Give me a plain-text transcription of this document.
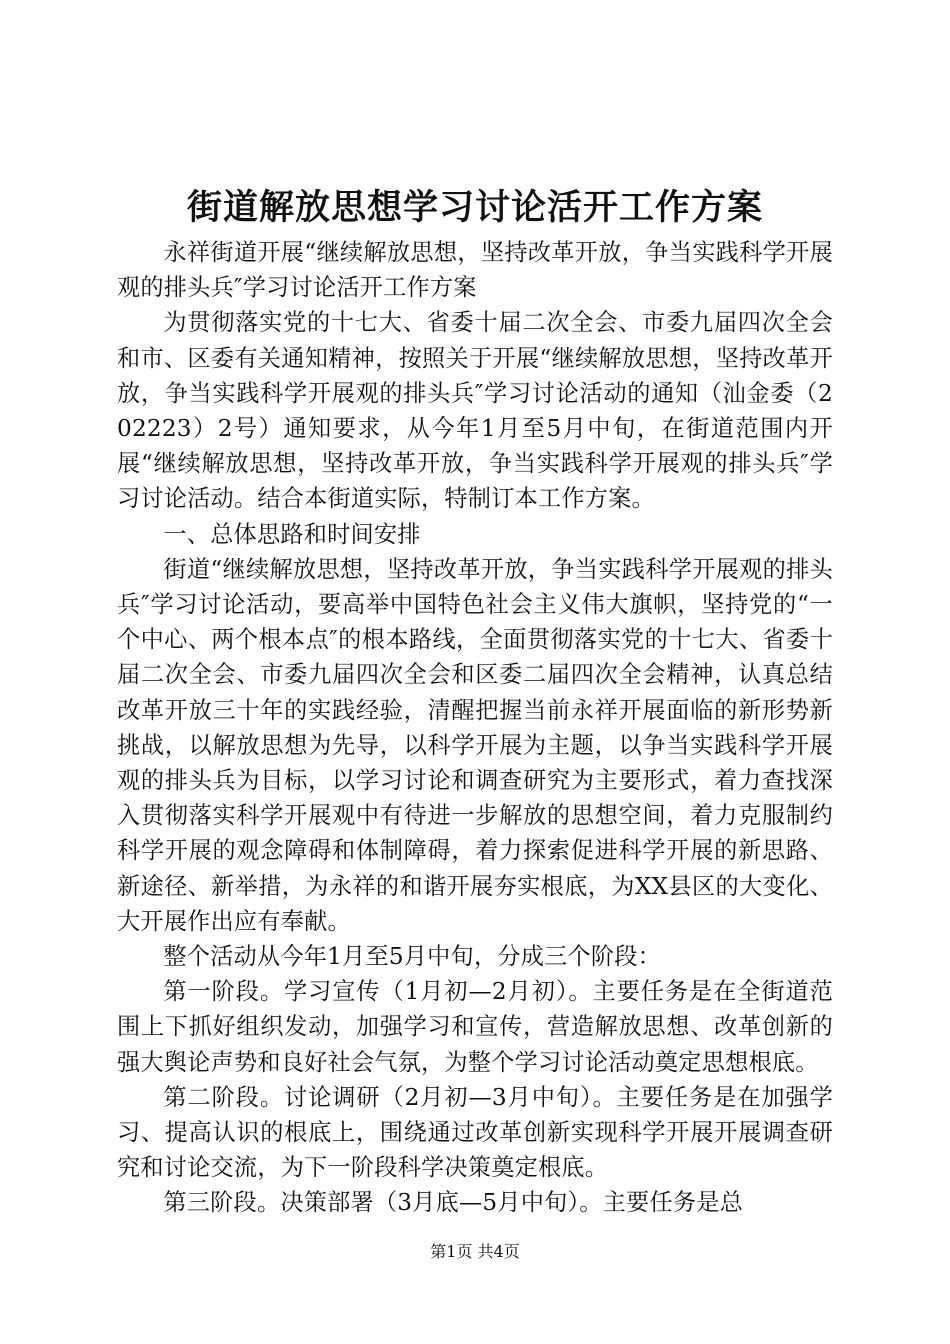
街道解放思想学习讨论活开工作方案

永祥街道开展“继续解放思想，坚持改革开放，争当实践科学开展观的排头兵″学习讨论活开工作方案

为贯彻落实党的十七大、省委十届二次全会、市委九届四次全会和市、区委有关通知精神，按照关于开展“继续解放思想，坚持改革开放，争当实践科学开展观的排头兵″学习讨论活动的通知（汕金委（202223）2号）通知要求，从今年1月至5月中旬，在街道范围内开展“继续解放思想，坚持改革开放，争当实践科学开展观的排头兵″学习讨论活动。结合本街道实际，特制订本工作方案。

一、总体思路和时间安排

街道“继续解放思想，坚持改革开放，争当实践科学开展观的排头兵″学习讨论活动，要高举中国特色社会主义伟大旗帜，坚持党的“一个中心、两个根本点″的根本路线，全面贯彻落实党的十七大、省委十届二次全会、市委九届四次全会和区委二届四次全会精神，认真总结改革开放三十年的实践经验，清醒把握当前永祥开展面临的新形势新挑战，以解放思想为先导，以科学开展为主题，以争当实践科学开展观的排头兵为目标，以学习讨论和调查研究为主要形式，着力查找深入贯彻落实科学开展观中有待进一步解放的思想空间，着力克服制约科学开展的观念障碍和体制障碍，着力探索促进科学开展的新思路、新途径、新举措，为永祥的和谐开展夯实根底，为XX县区的大变化、大开展作出应有奉献。

整个活动从今年1月至5月中旬，分成三个阶段：

第一阶段。学习宣传（1月初—2月初）。主要任务是在全街道范围上下抓好组织发动，加强学习和宣传，营造解放思想、改革创新的强大舆论声势和良好社会气氛，为整个学习讨论活动奠定思想根底。

第二阶段。讨论调研（2月初—3月中旬）。主要任务是在加强学习、提高认识的根底上，围绕通过改革创新实现科学开展开展调查研究和讨论交流，为下一阶段科学决策奠定根底。

第三阶段。决策部署（3月底—5月中旬）。主要任务是总

第1页 共4页
